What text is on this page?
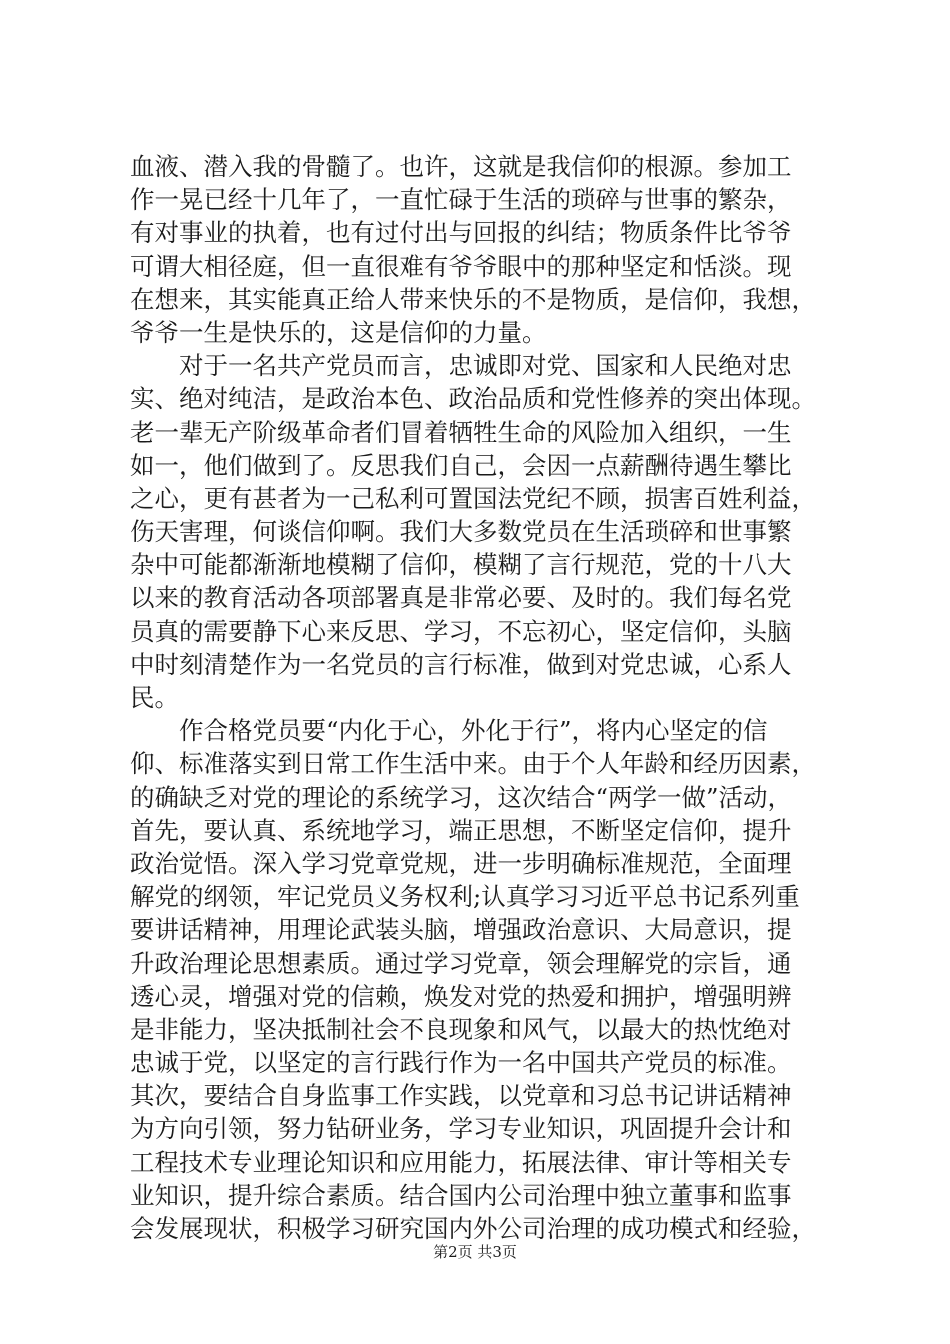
血液、潜入我的骨髓了。也许，这就是我信仰的根源。参加工
作一晃已经十几年了，一直忙碌于生活的琐碎与世事的繁杂，
有对事业的执着，也有过付出与回报的纠结；物质条件比爷爷
可谓大相径庭，但一直很难有爷爷眼中的那种坚定和恬淡。现
在想来，其实能真正给人带来快乐的不是物质，是信仰，我想，
爷爷一生是快乐的，这是信仰的力量。
　　对于一名共产党员而言，忠诚即对党、国家和人民绝对忠
实、绝对纯洁，是政治本色、政治品质和党性修养的突出体现。
老一辈无产阶级革命者们冒着牺牲生命的风险加入组织，一生
如一，他们做到了。反思我们自己，会因一点薪酬待遇生攀比
之心，更有甚者为一己私利可置国法党纪不顾，损害百姓利益，
伤天害理，何谈信仰啊。我们大多数党员在生活琐碎和世事繁
杂中可能都渐渐地模糊了信仰，模糊了言行规范，党的十八大
以来的教育活动各项部署真是非常必要、及时的。我们每名党
员真的需要静下心来反思、学习，不忘初心，坚定信仰，头脑
中时刻清楚作为一名党员的言行标准，做到对党忠诚，心系人
民。
　　作合格党员要“内化于心，外化于行”，将内心坚定的信
仰、标准落实到日常工作生活中来。由于个人年龄和经历因素，
的确缺乏对党的理论的系统学习，这次结合“两学一做”活动，
首先，要认真、系统地学习，端正思想，不断坚定信仰，提升
政治觉悟。深入学习党章党规，进一步明确标准规范，全面理
解党的纲领，牢记党员义务权利;认真学习习近平总书记系列重
要讲话精神，用理论武装头脑，增强政治意识、大局意识，提
升政治理论思想素质。通过学习党章，领会理解党的宗旨，通
透心灵，增强对党的信赖，焕发对党的热爱和拥护，增强明辨
是非能力，坚决抵制社会不良现象和风气，以最大的热忱绝对
忠诚于党，以坚定的言行践行作为一名中国共产党员的标准。
其次，要结合自身监事工作实践，以党章和习总书记讲话精神
为方向引领，努力钻研业务，学习专业知识，巩固提升会计和
工程技术专业理论知识和应用能力，拓展法律、审计等相关专
业知识，提升综合素质。结合国内公司治理中独立董事和监事
会发展现状，积极学习研究国内外公司治理的成功模式和经验，
第2页 共3页
